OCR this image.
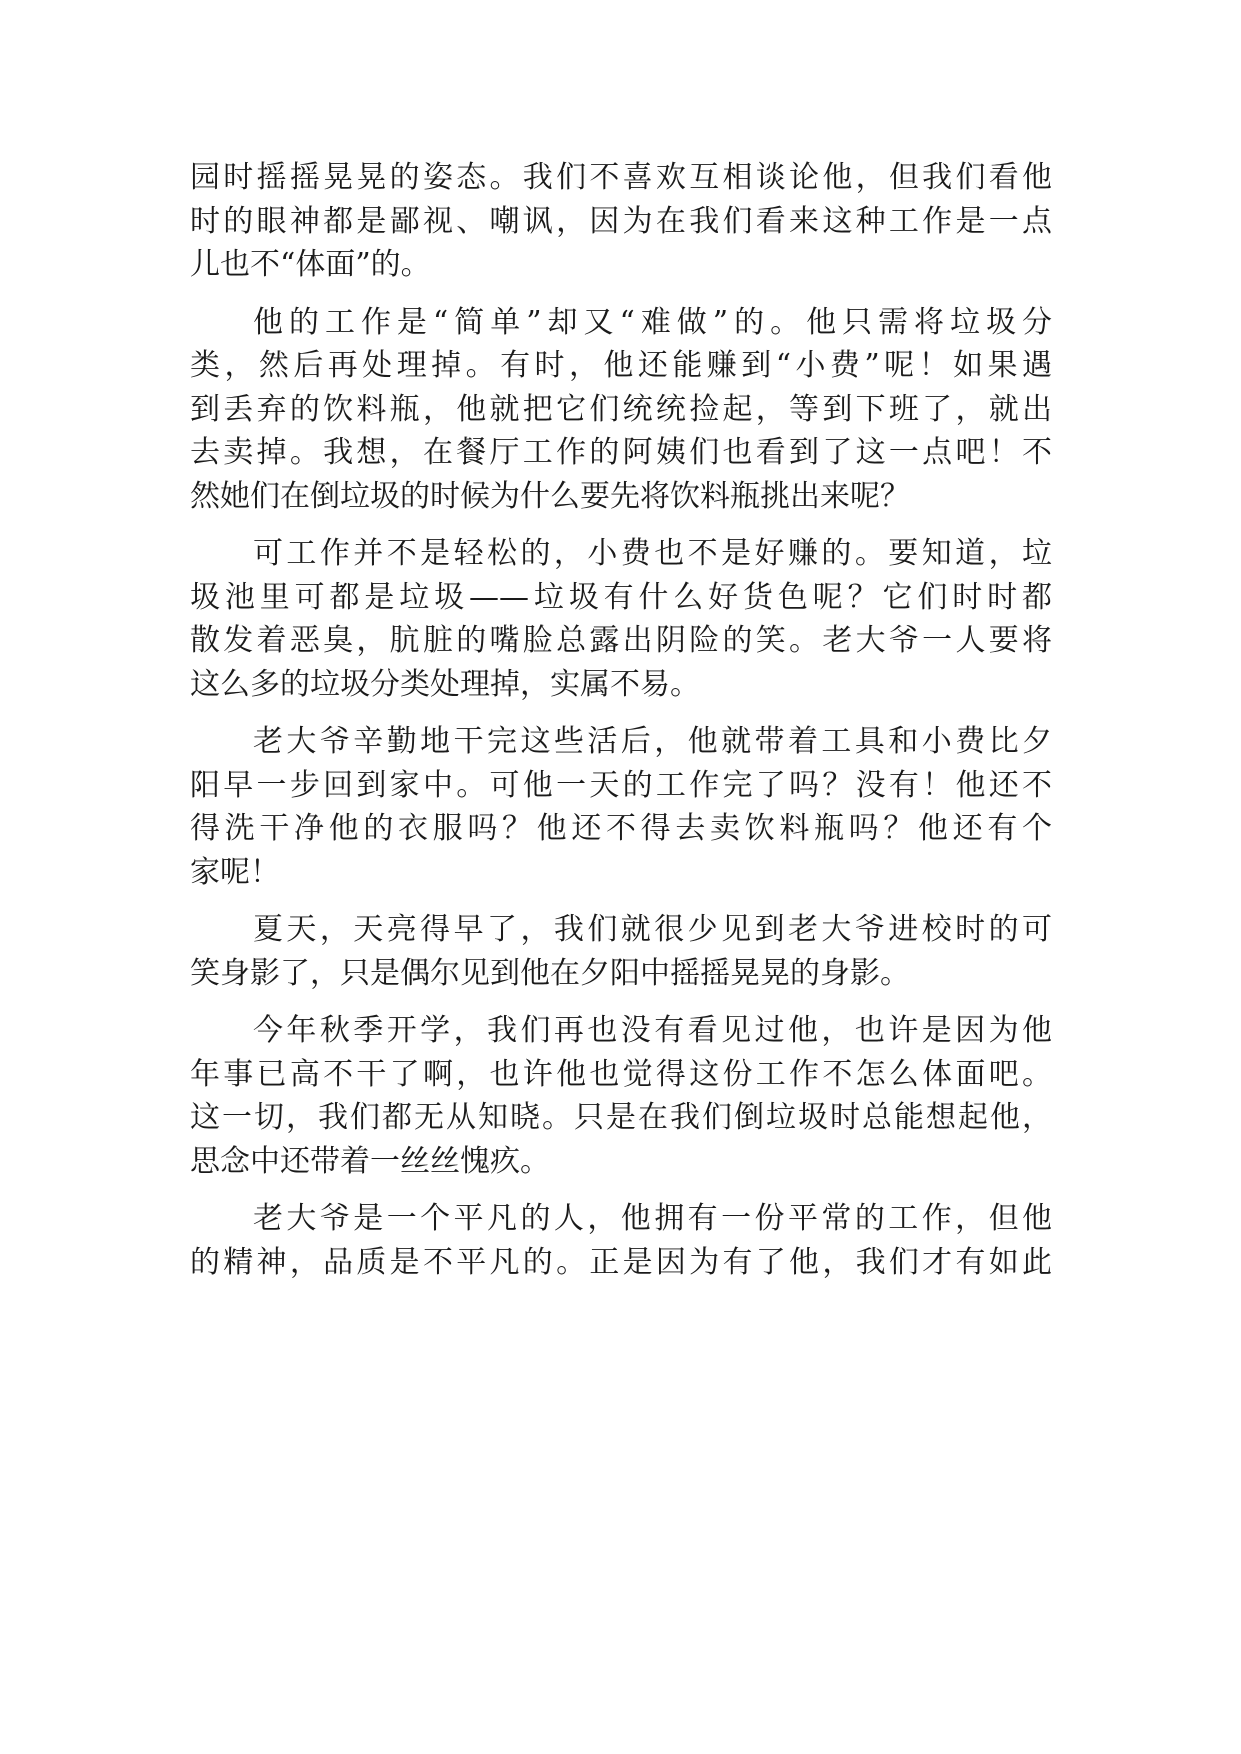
园时摇摇晃晃的姿态。我们不喜欢互相谈论他，但我们看他
时的眼神都是鄙视、嘲讽，因为在我们看来这种工作是一点
儿也不“体面”的。
他的工作是“简单”却又“难做”的。他只需将垃圾分
类，然后再处理掉。有时，他还能赚到“小费”呢！如果遇
到丢弃的饮料瓶，他就把它们统统捡起，等到下班了，就出
去卖掉。我想，在餐厅工作的阿姨们也看到了这一点吧！不
然她们在倒垃圾的时候为什么要先将饮料瓶挑出来呢？
可工作并不是轻松的，小费也不是好赚的。要知道，垃
圾池里可都是垃圾——垃圾有什么好货色呢？它们时时都
散发着恶臭，肮脏的嘴脸总露出阴险的笑。老大爷一人要将
这么多的垃圾分类处理掉，实属不易。
老大爷辛勤地干完这些活后，他就带着工具和小费比夕
阳早一步回到家中。可他一天的工作完了吗？没有！他还不
得洗干净他的衣服吗？他还不得去卖饮料瓶吗？他还有个
家呢！
夏天，天亮得早了，我们就很少见到老大爷进校时的可
笑身影了，只是偶尔见到他在夕阳中摇摇晃晃的身影。
今年秋季开学，我们再也没有看见过他，也许是因为他
年事已高不干了啊，也许他也觉得这份工作不怎么体面吧。
这一切，我们都无从知晓。只是在我们倒垃圾时总能想起他，
思念中还带着一丝丝愧疚。
老大爷是一个平凡的人，他拥有一份平常的工作，但他
的精神，品质是不平凡的。正是因为有了他，我们才有如此
